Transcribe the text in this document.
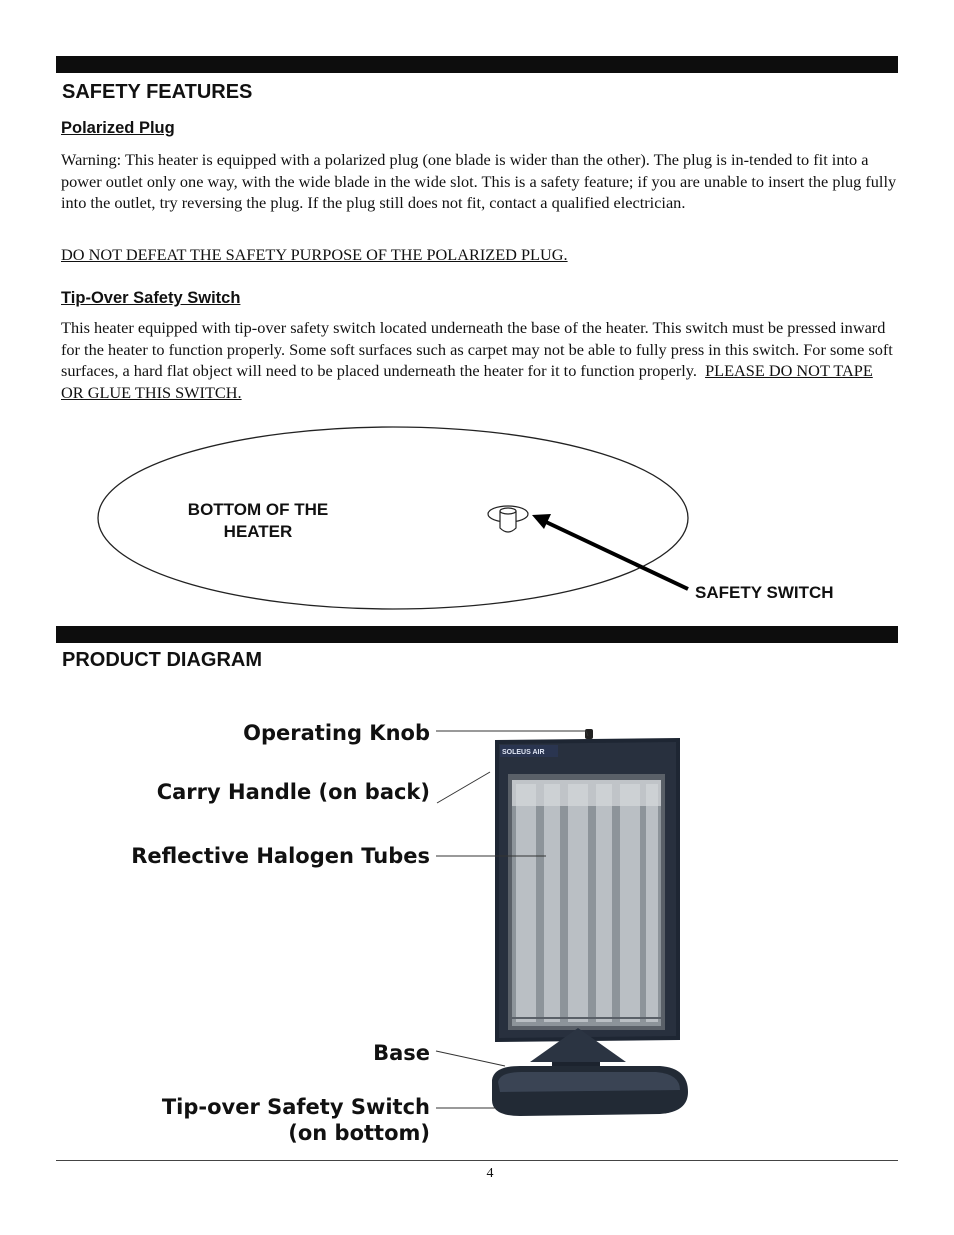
SAFETY FEATURES
Polarized Plug

Warning: This heater is equipped with a polarized plug (one blade is wider than the other). The plug is in-tended to fit into a power outlet only one way, with the wide blade in the wide slot. This is a safety feature; if you are unable to insert the plug fully into the outlet, try reversing the plug. If the plug still does not fit, contact a qualified electrician.

DO NOT DEFEAT THE SAFETY PURPOSE OF THE POLARIZED PLUG.

Tip-Over Safety Switch

This heater equipped with tip-over safety switch located underneath the base of the heater. This switch must be pressed inward for the heater to function properly. Some soft surfaces such as carpet may not be able to fully press in this switch. For some soft surfaces, a hard flat object will need to be placed underneath the heater for it to function properly. PLEASE DO NOT TAPE OR GLUE THIS SWITCH.

SOLEUS AIR
BOTTOM OF THE
HEATER
SAFETY SWITCH
PRODUCT DIAGRAM
Operating Knob
Carry Handle (on back)
Reflective Halogen Tubes
Base
Tip-over Safety Switch
(on bottom)
4
